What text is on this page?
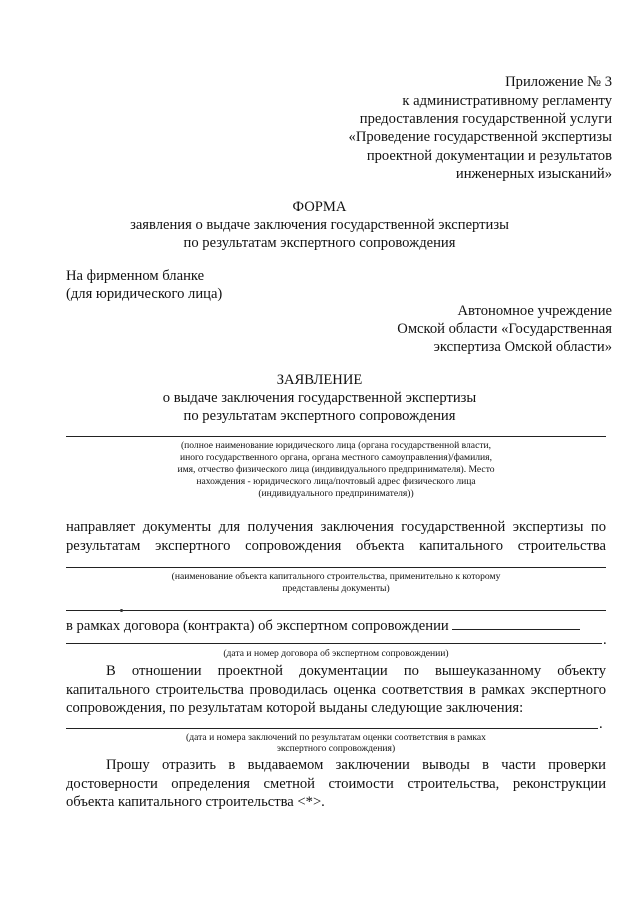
Приложение № 3
к административному регламенту
предоставления государственной услуги
«Проведение государственной экспертизы
проектной документации и результатов
инженерных изысканий»
ФОРМА
заявления о выдаче заключения государственной экспертизы
по результатам экспертного сопровождения
На фирменном бланке
(для юридического лица)
Автономное учреждение
Омской области «Государственная
экспертиза Омской области»
ЗАЯВЛЕНИЕ
о выдаче заключения государственной экспертизы
по результатам экспертного сопровождения
(полное наименование юридического лица (органа государственной власти,
иного государственного органа, органа местного самоуправления)/фамилия,
имя, отчество физического лица (индивидуального предпринимателя). Место
нахождения - юридического лица/почтовый адрес физического лица
(индивидуального предпринимателя))
направляет документы для получения заключения государственной экспертизы по
результатам экспертного сопровождения объекта капитального строительства
(наименование объекта капитального строительства, применительно к которому
представлены документы)
в рамках договора (контракта) об экспертном сопровождении
.
(дата и номер договора об экспертном сопровождении)
В отношении проектной документации по вышеуказанному объекту
капитального строительства проводилась оценка соответствия в рамках экспертного
сопровождения, по результатам которой выданы следующие заключения:
.
(дата и номера заключений по результатам оценки соответствия в рамках
экспертного сопровождения)
Прошу отразить в выдаваемом заключении выводы в части проверки
достоверности определения сметной стоимости строительства, реконструкции
объекта капитального строительства <*>.
